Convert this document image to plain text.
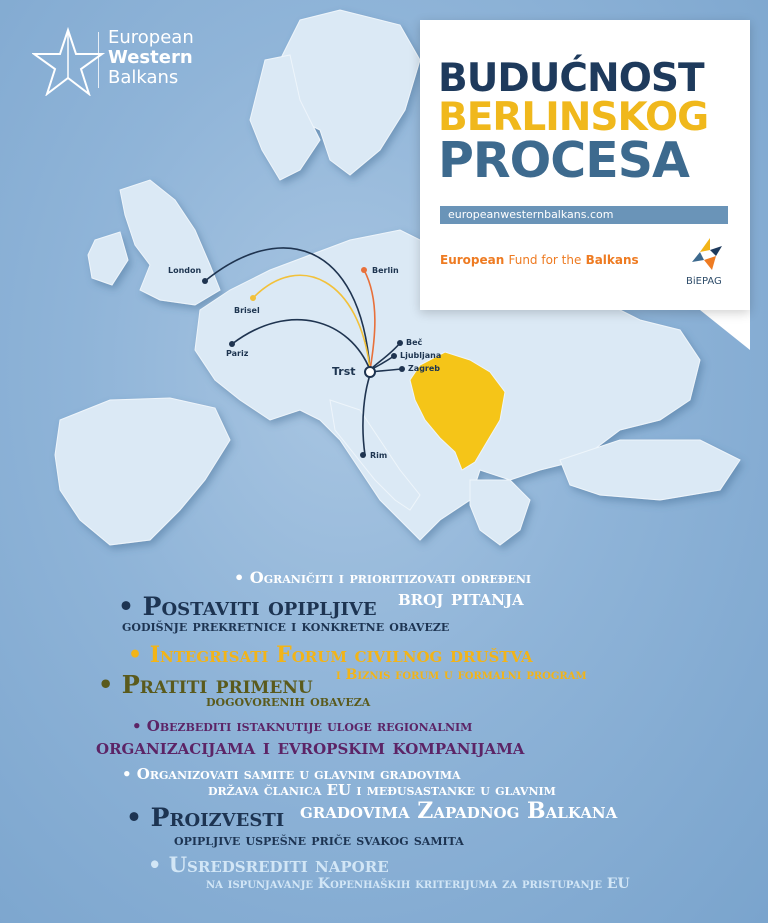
London	Berlin
Brisel
Pariz
Beč
Ljubljana
Zagreb
Trst
Rim
European
Western
Balkans	BUDUĆNOST
BERLINSKOG
PROCESA
europeanwesternbalkans.com
European Fund for the Balkans
BiEPAG
• Ograničiti i prioritizovati određeni
broj pitanja
• Postaviti opipljive
godišnje prekretnice i konkretne obaveze
• Integrisati Forum civilnog društva
i Biznis forum u formalni program
• Pratiti primenu
dogovorenih obaveza
• Obezbediti istaknutije uloge regionalnim
organizacijama i evropskim kompanijama
• Organizovati samite u glavnim gradovima
država članica EU i međusastanke u glavnim
gradovima Zapadnog Balkana
• Proizvesti
opipljive uspešne priče svakog samita
• Usredsrediti napore
na ispunjavanje Kopenhaških kriterijuma za pristupanje EU
